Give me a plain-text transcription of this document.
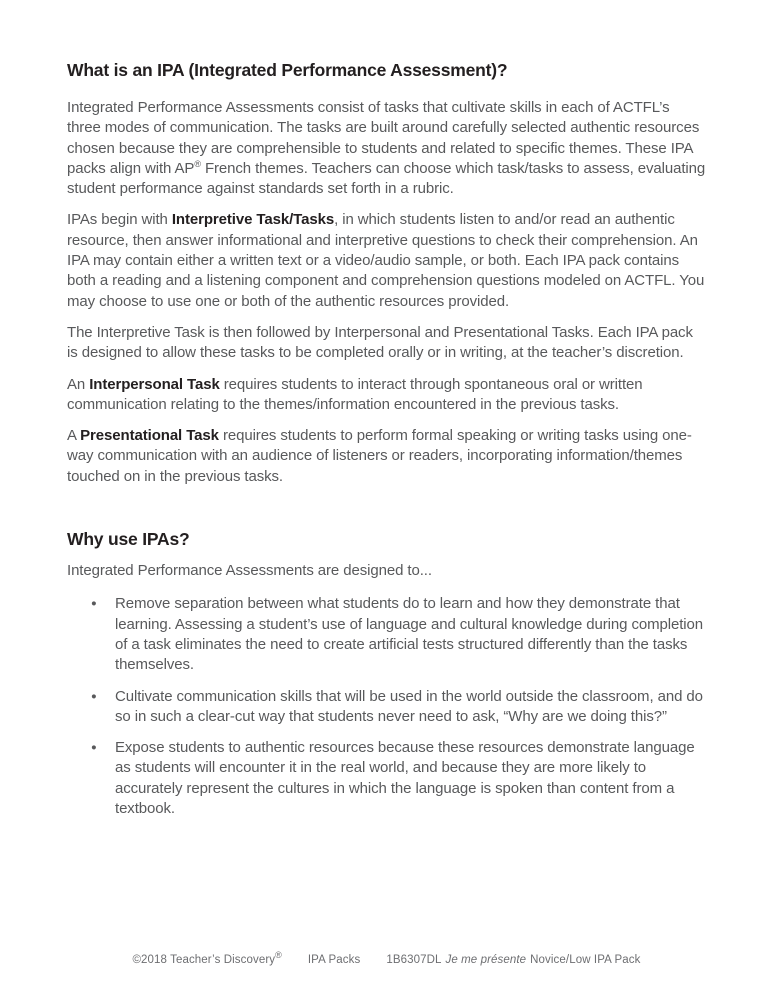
What is an IPA (Integrated Performance Assessment)?

Integrated Performance Assessments consist of tasks that cultivate skills in each of ACTFL’s three modes of communication. The tasks are built around carefully selected authentic resources chosen because they are comprehensible to students and related to specific themes. These IPA packs align with AP® French themes. Teachers can choose which task/tasks to assess, evaluating student performance against standards set forth in a rubric.

IPAs begin with Interpretive Task/Tasks, in which students listen to and/or read an authentic resource, then answer informational and interpretive questions to check their comprehension. An IPA may contain either a written text or a video/audio sample, or both. Each IPA pack contains both a reading and a listening component and comprehension questions modeled on ACTFL. You may choose to use one or both of the authentic resources provided.

The Interpretive Task is then followed by Interpersonal and Presentational Tasks. Each IPA pack is designed to allow these tasks to be completed orally or in writing, at the teacher’s discretion.

An Interpersonal Task requires students to interact through spontaneous oral or written communication relating to the themes/information encountered in the previous tasks.

A Presentational Task requires students to perform formal speaking or writing tasks using one-way communication with an audience of listeners or readers, incorporating information/themes touched on in the previous tasks.

Why use IPAs?

Integrated Performance Assessments are designed to...

● Remove separation between what students do to learn and how they demonstrate that learning. Assessing a student’s use of language and cultural knowledge during completion of a task eliminates the need to create artificial tests structured differently than the tasks themselves.
● Cultivate communication skills that will be used in the world outside the classroom, and do so in such a clear-cut way that students never need to ask, “Why are we doing this?”
● Expose students to authentic resources because these resources demonstrate language as students will encounter it in the real world, and because they are more likely to accurately represent the cultures in which the language is spoken than content from a textbook.
©2018 Teacher’s Discovery® IPA Packs 1B6307DL Je me présente Novice/Low IPA Pack
